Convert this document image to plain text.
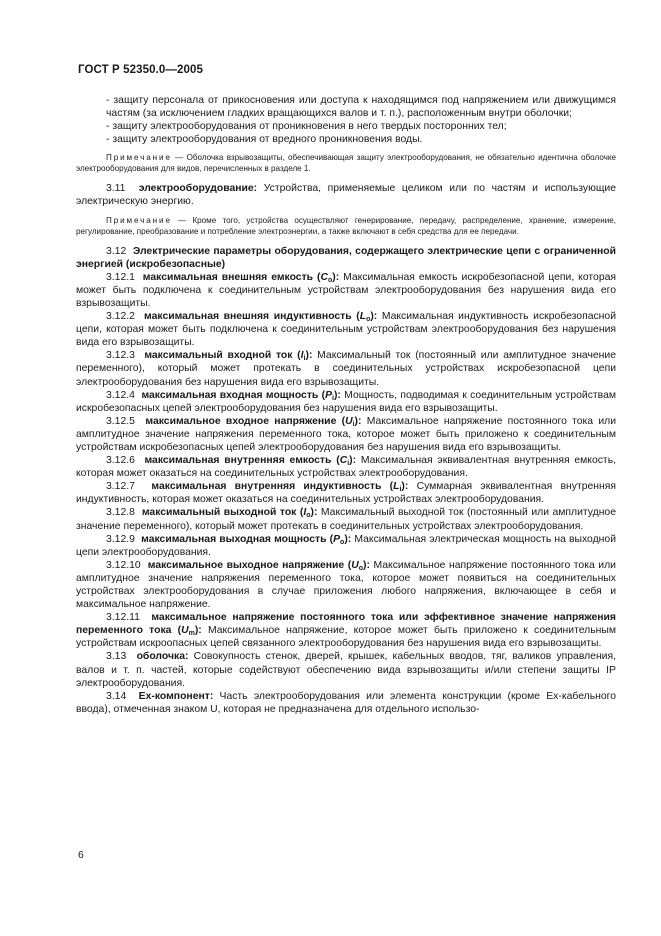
ГОСТ Р 52350.0—2005

- защиту персонала от прикосновения или доступа к находящимся под напряжением или движущимся частям (за исключением гладких вращающихся валов и т. п.), расположенным внутри оболочки;

- защиту электрооборудования от проникновения в него твердых посторонних тел;

- защиту электрооборудования от вредного проникновения воды.

Примечание — Оболочка взрывозащиты, обеспечивающая защиту электрооборудования, не обязательно идентична оболочке электрооборудования для видов, перечисленных в разделе 1.

3.11 электрооборудование: Устройства, применяемые целиком или по частям и использующие электрическую энергию.

Примечание — Кроме того, устройства осуществляют генерирование, передачу, распределение, хранение, измерение, регулирование, преобразование и потребление электроэнергии, а также включают в себя средства для ее передачи.

3.12 Электрические параметры оборудования, содержащего электрические цепи с ограниченной энергией (искробезопасные)

3.12.1 максимальная внешняя емкость $(C_o)$: Максимальная емкость искробезопасной цепи, которая может быть подключена к соединительным устройствам электрооборудования без нарушения вида его взрывозащиты.

3.12.2 максимальная внешняя индуктивность $(L_o)$: Максимальная индуктивность искробезопасной цепи, которая может быть подключена к соединительным устройствам электрооборудования без нарушения вида его взрывозащиты.

3.12.3 максимальный входной ток $(I_i)$: Максимальный ток (постоянный или амплитудное значение переменного), который может протекать в соединительных устройствах искробезопасной цепи электрооборудования без нарушения вида его взрывозащиты.

3.12.4 максимальная входная мощность $(P_i)$: Мощность, подводимая к соединительным устройствам искробезопасных цепей электрооборудования без нарушения вида его взрывозащиты.

3.12.5 максимальное входное напряжение $(U_i)$: Максимальное напряжение постоянного тока или амплитудное значение напряжения переменного тока, которое может быть приложено к соединительным устройствам искробезопасных цепей электрооборудования без нарушения вида его взрывозащиты.

3.12.6 максимальная внутренняя емкость $(C_i)$: Максимальная эквивалентная внутренняя емкость, которая может оказаться на соединительных устройствах электрооборудования.

3.12.7 максимальная внутренняя индуктивность $(L_i)$: Суммарная эквивалентная внутренняя индуктивность, которая может оказаться на соединительных устройствах электрооборудования.

3.12.8 максимальный выходной ток $(I_o)$: Максимальный выходной ток (постоянный или амплитудное значение переменного), который может протекать в соединительных устройствах электрооборудования.

3.12.9 максимальная выходная мощность $(P_o)$: Максимальная электрическая мощность на выходной цепи электрооборудования.

3.12.10 максимальное выходное напряжение $(U_o)$: Максимальное напряжение постоянного тока или амплитудное значение напряжения переменного тока, которое может появиться на соединительных устройствах электрооборудования в случае приложения любого напряжения, включающее в себя и максимальное напряжение.

3.12.11 максимальное напряжение постоянного тока или эффективное значение напряжения переменного тока $(U_m)$: Максимальное напряжение, которое может быть приложено к соединительным устройствам искроопасных цепей связанного электрооборудования без нарушения вида его взрывозащиты.

3.13 оболочка: Совокупность стенок, дверей, крышек, кабельных вводов, тяг, валиков управления, валов и т. п. частей, которые содействуют обеспечению вида взрывозащиты и/или степени защиты IP электрооборудования.

3.14 Ex-компонент: Часть электрооборудования или элемента конструкции (кроме Ex-кабельного ввода), отмеченная знаком U, которая не предназначена для отдельного использо-

6
